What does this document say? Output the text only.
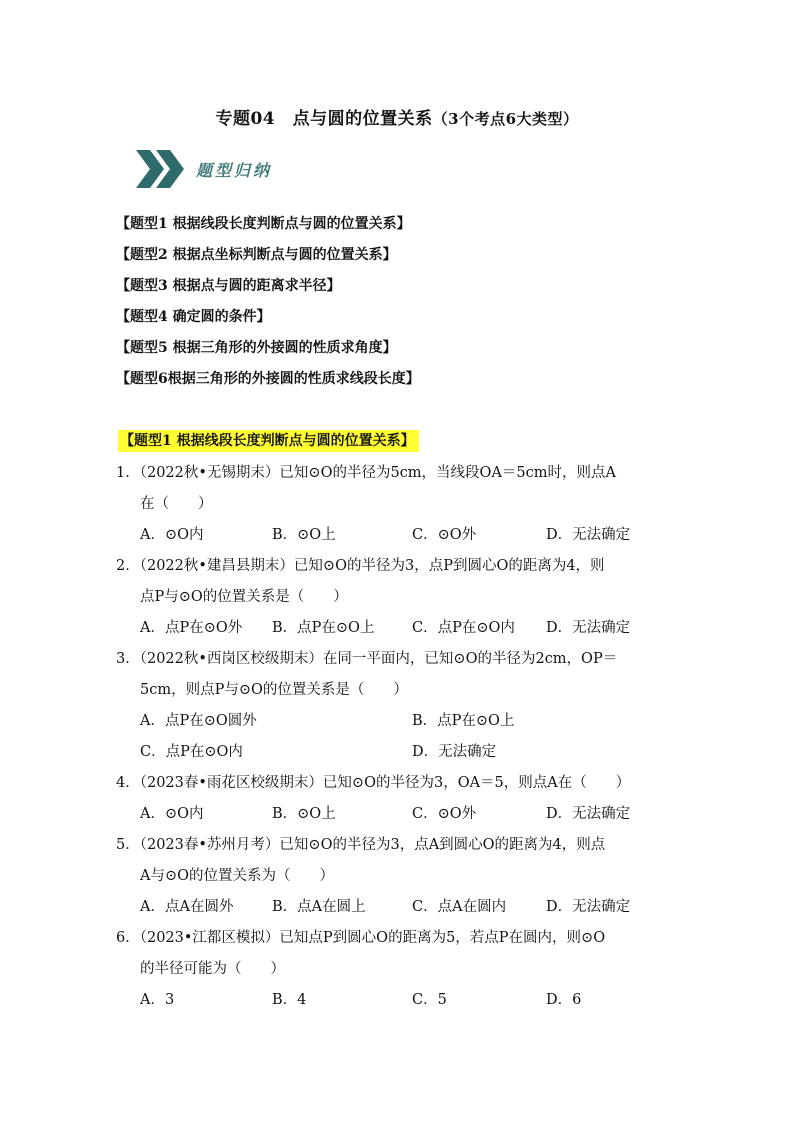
专题04　点与圆的位置关系（3个考点6大类型）
题型归纳
【题型1 根据线段长度判断点与圆的位置关系】
【题型2 根据点坐标判断点与圆的位置关系】
【题型3 根据点与圆的距离求半径】
【题型4 确定圆的条件】
【题型5 根据三角形的外接圆的性质求角度】
【题型6根据三角形的外接圆的性质求线段长度】
【题型1 根据线段长度判断点与圆的位置关系】
1．（2022秋•无锡期末）已知⊙O的半径为5cm，当线段OA＝5cm时，则点A
在（　　）
A．⊙O内	B．⊙O上	C．⊙O外	D．无法确定
2．（2022秋•建昌县期末）已知⊙O的半径为3，点P到圆心O的距离为4，则
点P与⊙O的位置关系是（　　）
A．点P在⊙O外 B．点P在⊙O上	C．点P在⊙O内 D．无法确定
3．（2022秋•西岗区校级期末）在同一平面内，已知⊙O的半径为2cm，OP＝
5cm，则点P与⊙O的位置关系是（　　）
A．点P在⊙O圆外	B．点P在⊙O上
C．点P在⊙O内	D．无法确定
4．（2023春•雨花区校级期末）已知⊙O的半径为3，OA＝5，则点A在（　　）
A．⊙O内	B．⊙O上	C．⊙O外	D．无法确定
5．（2023春•苏州月考）已知⊙O的半径为3，点A到圆心O的距离为4，则点
A与⊙O的位置关系为（　　）
A．点A在圆外	B．点A在圆上	C．点A在圆内	D．无法确定
6．（2023•江都区模拟）已知点P到圆心O的距离为5，若点P在圆内，则⊙O
的半径可能为（　　）
A．3	B．4	C．5	D．6
